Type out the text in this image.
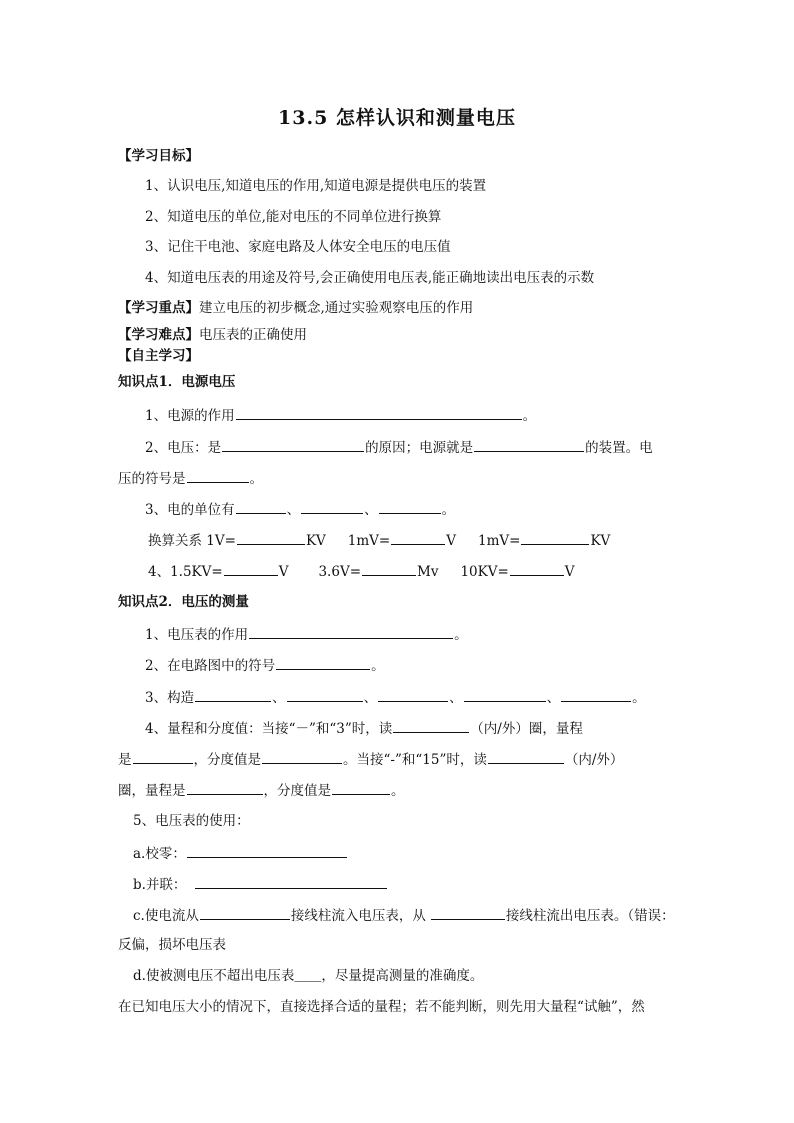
13.5 怎样认识和测量电压
【学习目标】
1、认识电压,知道电压的作用,知道电源是提供电压的装置
2、知道电压的单位,能对电压的不同单位进行换算
3、记住干电池、家庭电路及人体安全电压的电压值
4、知道电压表的用途及符号,会正确使用电压表,能正确地读出电压表的示数
【学习重点】建立电压的初步概念,通过实验观察电压的作用
【学习难点】电压表的正确使用
【自主学习】
知识点1．电源电压
1、电源的作用	。
2、电压：是	的原因；电源就是	的装置。电
压的符号是	。
3、电的单位有	、	、	。
换算关系 1V=	KV 1mV=	V 1mV=	KV
4、1.5KV=	V 3.6V=	Mv 10KV=	V
知识点2．电压的测量
1、电压表的作用	。
2、在电路图中的符号	。
3、构造	、	、	、	、	。
4、量程和分度值：当接“－”和“3”时，读	（内/外）圈，量程
是	，分度值是	。当接“-”和“15”时，读	（内/外）
圈，量程是	，分度值是	。
5、电压表的使用：
a.校零：
b.并联：
c.使电流从	接线柱流入电压表，从	接线柱流出电压表。（错误：
反偏，损坏电压表
d.使被测电压不超出电压表＿＿，尽量提高测量的准确度。
在已知电压大小的情况下，直接选择合适的量程；若不能判断，则先用大量程“试触”，然
